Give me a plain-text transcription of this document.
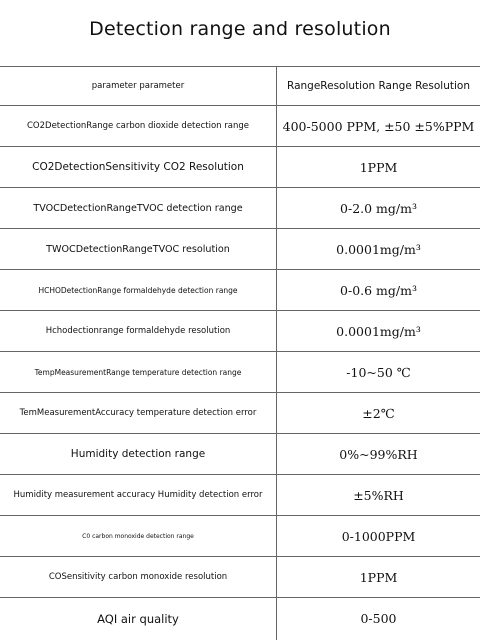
Detection range and resolution
parameter parameter	RangeResolution Range Resolution
CO2DetectionRange carbon dioxide detection range	400-5000 PPM, ±50 ±5%PPM
CO2DetectionSensitivity CO2 Resolution	1PPM
TVOCDetectionRangeTVOC detection range	0-2.0 mg/m³
TWOCDetectionRangeTVOC resolution	0.0001mg/m³
HCHODetectionRange formaldehyde detection range	0-0.6 mg/m³
Hchodectionrange formaldehyde resolution	0.0001mg/m³
TempMeasurementRange temperature detection range	-10~50 ℃
TemMeasurementAccuracy temperature detection error	±2℃
Humidity detection range	0%~99%RH
Humidity measurement accuracy Humidity detection error	±5%RH
C0 carbon monoxide detection range	0-1000PPM
COSensitivity carbon monoxide resolution	1PPM
AQI air quality	0-500
